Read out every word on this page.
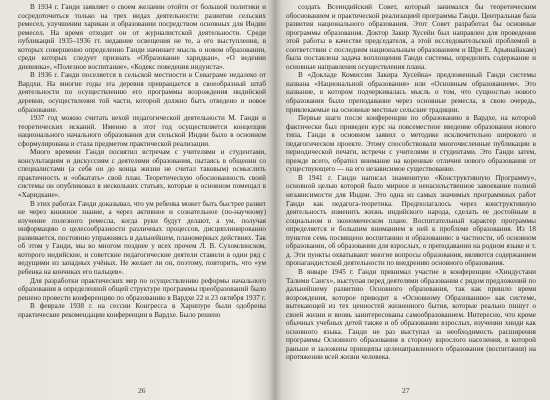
В 1934 г. Ганди заявляет о своем желании отойти от большой политики и сосредоточиться только на трех видах деятельности: развитии сельских ремесел, улучшении харикан и образовании посредством основных для Индии ремесел. На время отходит он от журналистской деятельности. Среди публикаций 1935–1936 гг. недавние освещения не те, а его выступления, в которых совершенно определенно Ганди начинает мысль о новом образовании, среди которых следует признать «Образование харидкан», «О ведении дневника», «Полезное воспитание», «Кодекс поведения индуиста».

В 1936 г. Ганди поселяется в сельской местности в Севаграме недалеко от Вардхи. На многие годы эта деревня превращается в своеобразный штаб деятельности по осуществлению его программы возрождения индийской деревни, осуществления той части, которой должно быть отведено и новое образование.

1937 год можно считать вехой педагогической деятельности М. Ганди и теоретических исканий. Именно в этот год осуществляется концепция национального начального образования для сельской Индии было в основном сформулирована и стала предметом практической реализации.

Много времени Ганди посвятил встречам с учителями и студентами, консультациям и дискуссиям с деятелями образования, пытаясь в общении со специалистами (а себя он до конца жизни не считал таковым) осмыслить практичность и «обкатать» свой план. Теоретическую обоснованность своей системы он опубликовал в нескольких статьях, которые в основном помещал в «Харидкане».

В этих работах Ганди доказывал, что ум ребенка может быть быстрее развит не через книжное знание, а через активное и сознательное (по-научному) изучение полезного ремесла, когда руки будут делают, а ум, получая информацию о целесообразности различных процессов, дисциплинированно развивается, постоянно упражняясь в дальнейшем, планомерных действиях. Так об этом у Ганди, мы во многом позднее у всех прочем Л. В. Сухомлинском, которого индийские, и советские педагогические деятели ставили в один ряд с ведущими из западных учёных. Не желает ли он, поэтому, повторить, что «ум ребенка на кончиках его пальцев».

Для разработки практических мер по осуществлению реформы начального образования в определенной общей структуре программы преобразований было решено провести конференцию по образованию в Вардхе 22 и 23 октября 1937 г.

В феврале 1938 г. на сессии Конгресса в Харипуре были одобрены практические рекомендации конференции в Вардхе. Было решено

26

создать Всеиндийский Совет, который занимался бы теоретическим обоснованием и практической реализацией программы Ганди. Центральная база развития национального образования. Этот Совет разработал бы основные программы образования. Доктор Закир Хусейн был направлен для проведения этой работы в качестве председателя, а этой исследовательской проблемой в соответствии с последним национальным образованием и Шри Е. Арьянайакам) была поставлена задача воплощения Ганди системы, определить содержание и основные направления осуществления плана.

В «Докладе Комиссии Закира Хусейна» предложенный Ганди системы названа «Национальной образования» или «Основным образованием». Это название, в котором подчеркивалась мысль о том, что сущностью нового образования было преподавание через основные ремесла, в свою очередь, привлекаемые на основные местные сельские традиции.

Первые шаги после конференции по образованию в Вардхе, на которой фактически был приведен курс на повсеместное введение образования нового типа, Ганди в основном заявил о методике исключительно широкого и педагогическом проекте. Этому способствовали многочисленные публикации в периодической печати, встречи с учителями и студентами. Это Ганди затем, прежде всего, обратил внимание на коренные отличия нового образования от существующего — на его независимое существование.

В 1941 г. Ганди написал знаменитую «Конструктивную Программу», основной целью которой было мирное и ненасильственное завоевание полной независимости для Индии. Это одна из самых значимых программных работ Ганди как педагога-теоретика. Предполагалось через конструктивную деятельность изменить жизнь индийского народа, сделать ее достойным в социальном и экономическом плане. Воспитательный характер программы определяется и большим вниманием в ней к проблеме образования. Из 18 пунктов семь посвящено воспитанию и образованию: в частности, об основном образовании, об образовании для взрослых, о преподавании на родном языке и т. д. Эти пункты охватывают многие вопросы образования, являются содержанием пропагандистской деятельности по внедрению основного образования.

В январе 1945 г. Ганди принимал участие в конференции «Хиндустани Талими Сангх», выступая перед деятелями образования с рядом предложений по дальнейшему развитию Основного образования, так как пришло время возрождения, которое приводит к «Основному Образованию» как системе, вытекающей из тех ценностей жизненного бытия, которые реально пишут о своей жизни и вновь заинтересованы самообразованием. Интересно, что кроме обычных учебных детей также и об образовании взрослых, изучении хинди как основного языка. Ганди не раз выступал за необходимость расширения программы Основного образования в сторону взрослого населения, в которой раньше и заложены принципы целенаправленного образования (воспитания) на протяжении всей жизни человека.

27
